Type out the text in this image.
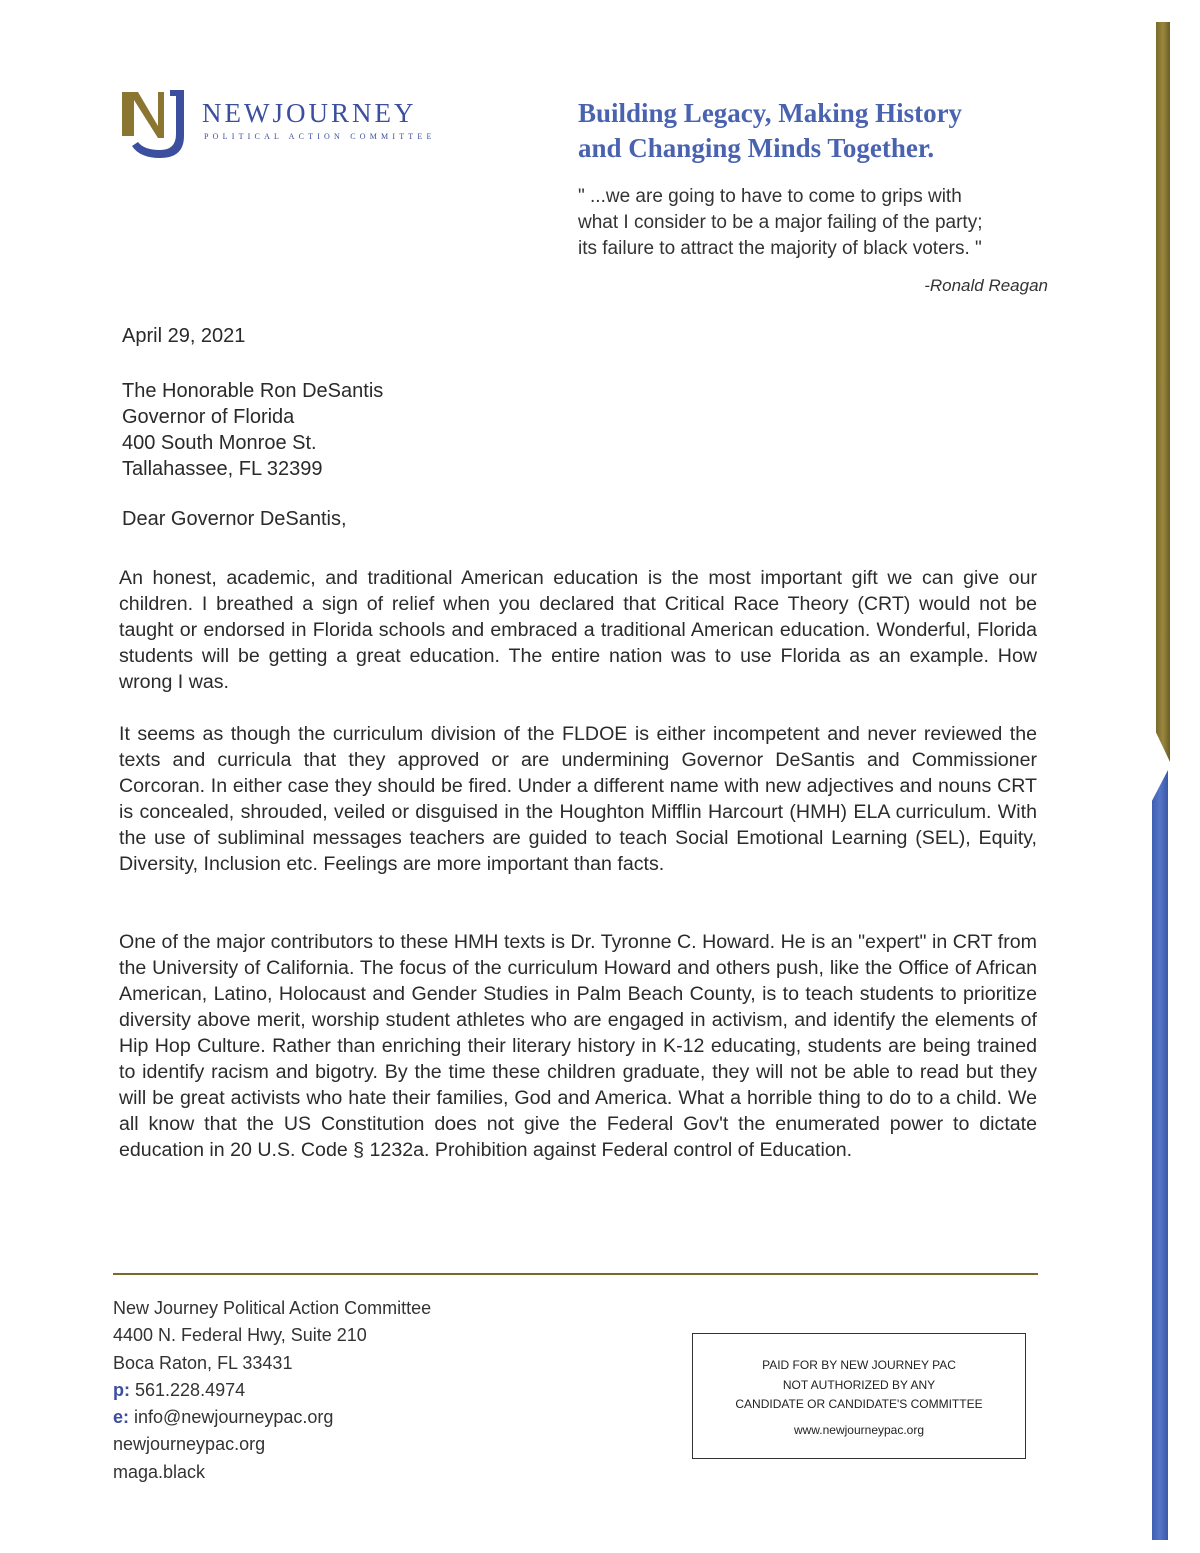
NEWJOURNEY
POLITICAL ACTION COMMITTEE
Building Legacy, Making History
and Changing Minds Together.
" ...we are going to have to come to grips with
what I consider to be a major failing of the party;
its failure to attract the majority of black voters. "
-Ronald Reagan
April 29, 2021
The Honorable Ron DeSantis
Governor of Florida
400 South Monroe St.
Tallahassee, FL 32399
Dear Governor DeSantis,
An honest, academic, and traditional American education is the most important gift we can give our children. I breathed a sign of relief when you declared that Critical Race Theory (CRT) would not be taught or endorsed in Florida schools and embraced a traditional American education. Wonderful, Florida students will be getting a great education. The entire nation was to use Florida as an example. How wrong I was.
It seems as though the curriculum division of the FLDOE is either incompetent and never reviewed the texts and curricula that they approved or are undermining Governor DeSantis and Commissioner Corcoran. In either case they should be fired. Under a different name with new adjectives and nouns CRT is concealed, shrouded, veiled or disguised in the Houghton Mifflin Harcourt (HMH) ELA curriculum. With the use of subliminal messages teachers are guided to teach Social Emotional Learning (SEL), Equity, Diversity, Inclusion etc. Feelings are more important than facts.
One of the major contributors to these HMH texts is Dr. Tyronne C. Howard. He is an "expert" in CRT from the University of California. The focus of the curriculum Howard and others push, like the Office of African American, Latino, Holocaust and Gender Studies in Palm Beach County, is to teach students to prioritize diversity above merit, worship student athletes who are engaged in activism, and identify the elements of Hip Hop Culture. Rather than enriching their literary history in K-12 educating, students are being trained to identify racism and bigotry. By the time these children graduate, they will not be able to read but they will be great activists who hate their families, God and America. What a horrible thing to do to a child. We all know that the US Constitution does not give the Federal Gov't the enumerated power to dictate education in 20 U.S. Code § 1232a. Prohibition against Federal control of Education.
New Journey Political Action Committee
4400 N. Federal Hwy, Suite 210
Boca Raton, FL 33431
p: 561.228.4974
e: info@newjourneypac.org
newjourneypac.org
maga.black
PAID FOR BY NEW JOURNEY PAC
NOT AUTHORIZED BY ANY
CANDIDATE OR CANDIDATE'S COMMITTEE
www.newjourneypac.org
